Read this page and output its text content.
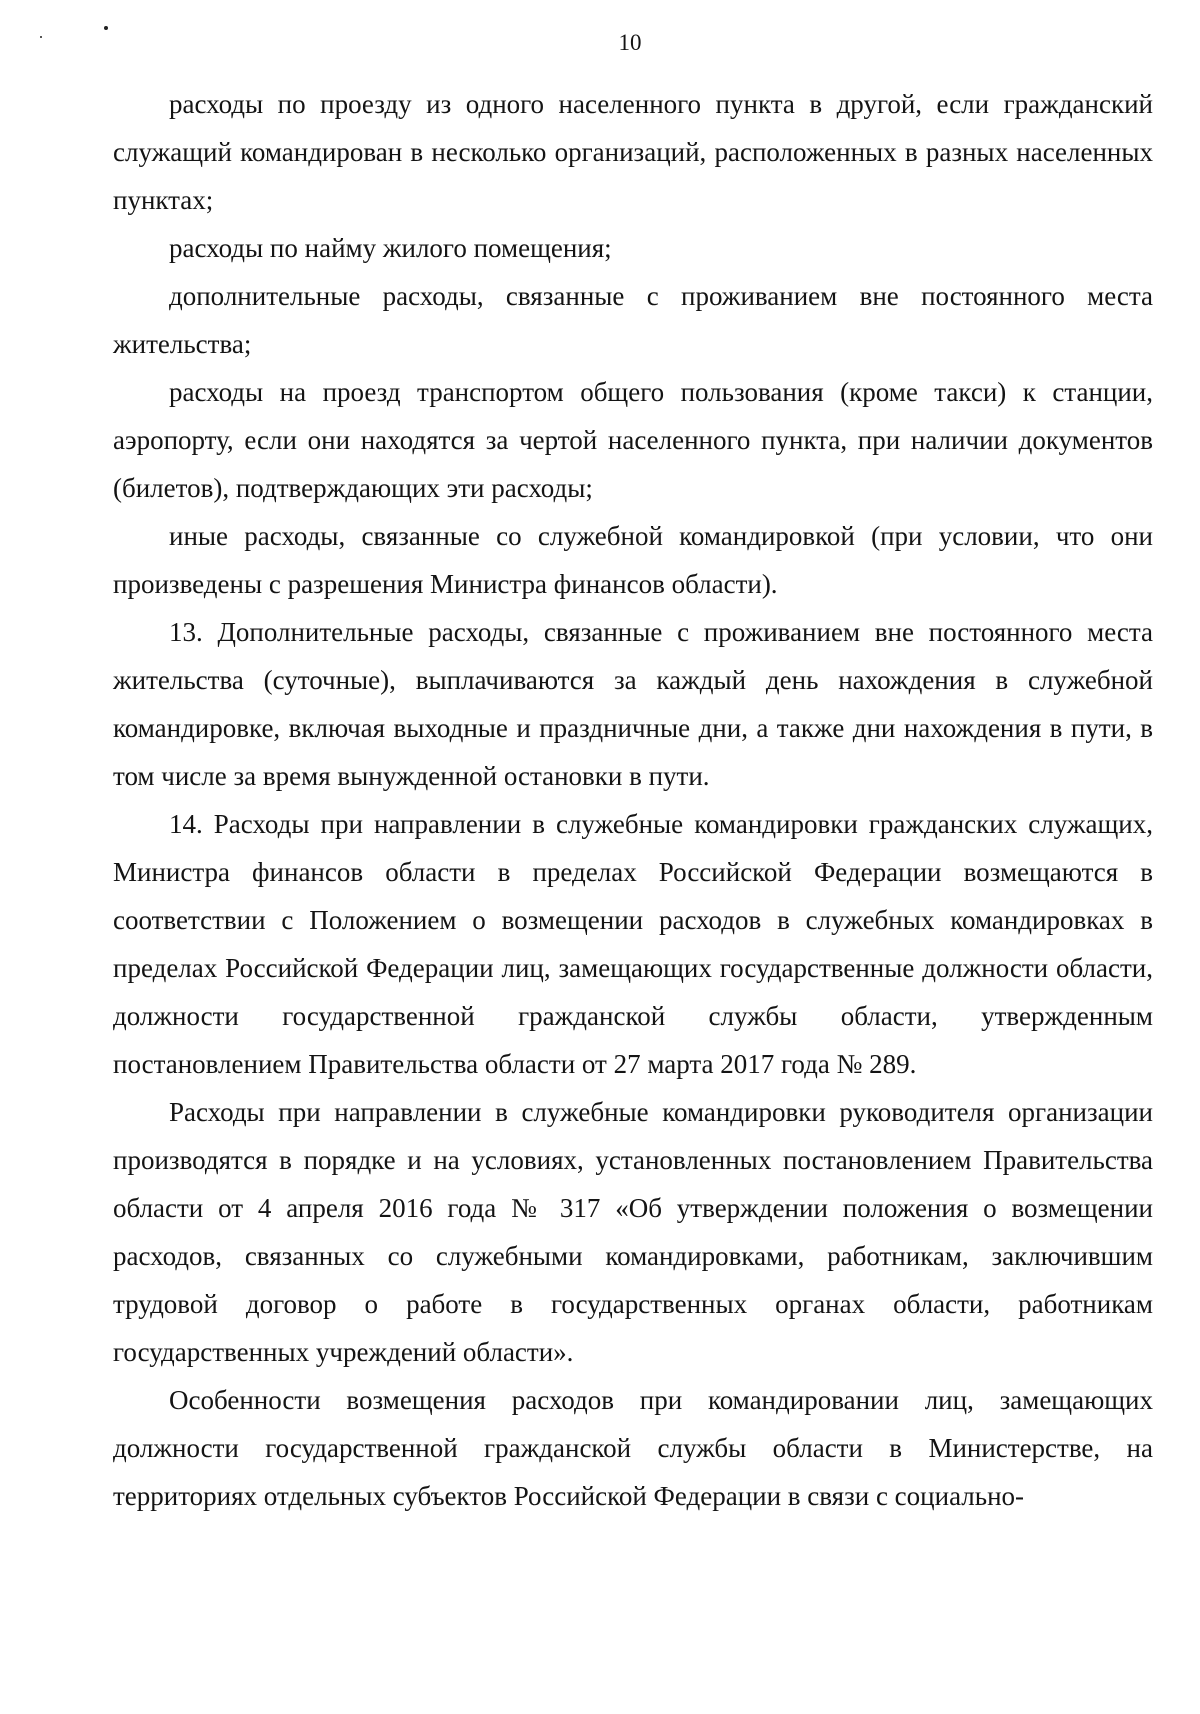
10

расходы по проезду из одного населенного пункта в другой, если гражданский служащий командирован в несколько организаций, расположенных в разных населенных пунктах;

расходы по найму жилого помещения;

дополнительные расходы, связанные с проживанием вне постоянного места жительства;

расходы на проезд транспортом общего пользования (кроме такси) к станции, аэропорту, если они находятся за чертой населенного пункта, при наличии документов (билетов), подтверждающих эти расходы;

иные расходы, связанные со служебной командировкой (при условии, что они произведены с разрешения Министра финансов области).

13. Дополнительные расходы, связанные с проживанием вне постоянного места жительства (суточные), выплачиваются за каждый день нахождения в служебной командировке, включая выходные и праздничные дни, а также дни нахождения в пути, в том числе за время вынужденной остановки в пути.

14. Расходы при направлении в служебные командировки гражданских служащих, Министра финансов области в пределах Российской Федерации возмещаются в соответствии с Положением о возмещении расходов в служебных командировках в пределах Российской Федерации лиц, замещающих государственные должности области, должности государственной гражданской службы области, утвержденным постановлением Правительства области от 27 марта 2017 года № 289.

Расходы при направлении в служебные командировки руководителя организации производятся в порядке и на условиях, установленных постановлением Правительства области от 4 апреля 2016 года № 317 «Об утверждении положения о возмещении расходов, связанных со служебными командировками, работникам, заключившим трудовой договор о работе в государственных органах области, работникам государственных учреждений области».

Особенности возмещения расходов при командировании лиц, замещающих должности государственной гражданской службы области в Министерстве, на территориях отдельных субъектов Российской Федерации в связи с социально-
